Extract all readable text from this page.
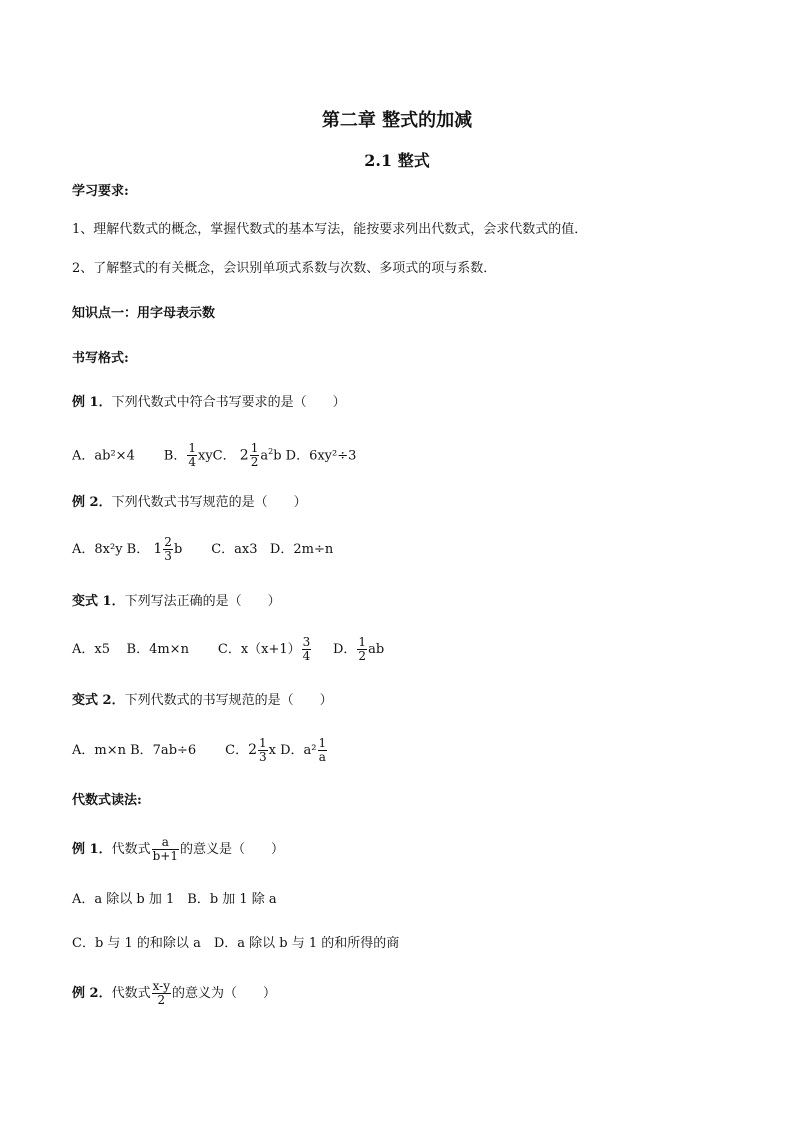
第二章 整式的加减
2.1 整式
学习要求:
1、理解代数式的概念，掌握代数式的基本写法，能按要求列出代数式，会求代数式的值．
2、了解整式的有关概念，会识别单项式系数与次数、多项式的项与系数．
知识点一：用字母表示数
书写格式:
例 1．下列代数式中符合书写要求的是（　　）
A．ab²×4 B． $\frac{1}{4}$ xyC． $2 \frac{1}{2} a^2b$ D．6xy²÷3
例 2．下列代数式书写规范的是（　　）
A．8x²y B． $1 \frac{2}{3}$ b C．ax3 D．2m÷n
变式 1．下列写法正确的是（　　）
A．x5 B．4m×n C．$x(x+1) \frac{3}{4}$ D． $\frac{1}{2}$ ab
变式 2．下列代数式的书写规范的是（　　）
A．m×n B．7ab÷6 C．$2 \frac{1}{3}$ x D．$a^2 \frac{1}{a}$
代数式读法:
例 1．代数式 $\frac{a}{b+1}$ 的意义是（　　）
A．a 除以 b 加 1　B．b 加 1 除 a
C．b 与 1 的和除以 a　D．a 除以 b 与 1 的和所得的商
例 2．代数式 $\frac{x-y}{2}$ 的意义为（　　）
